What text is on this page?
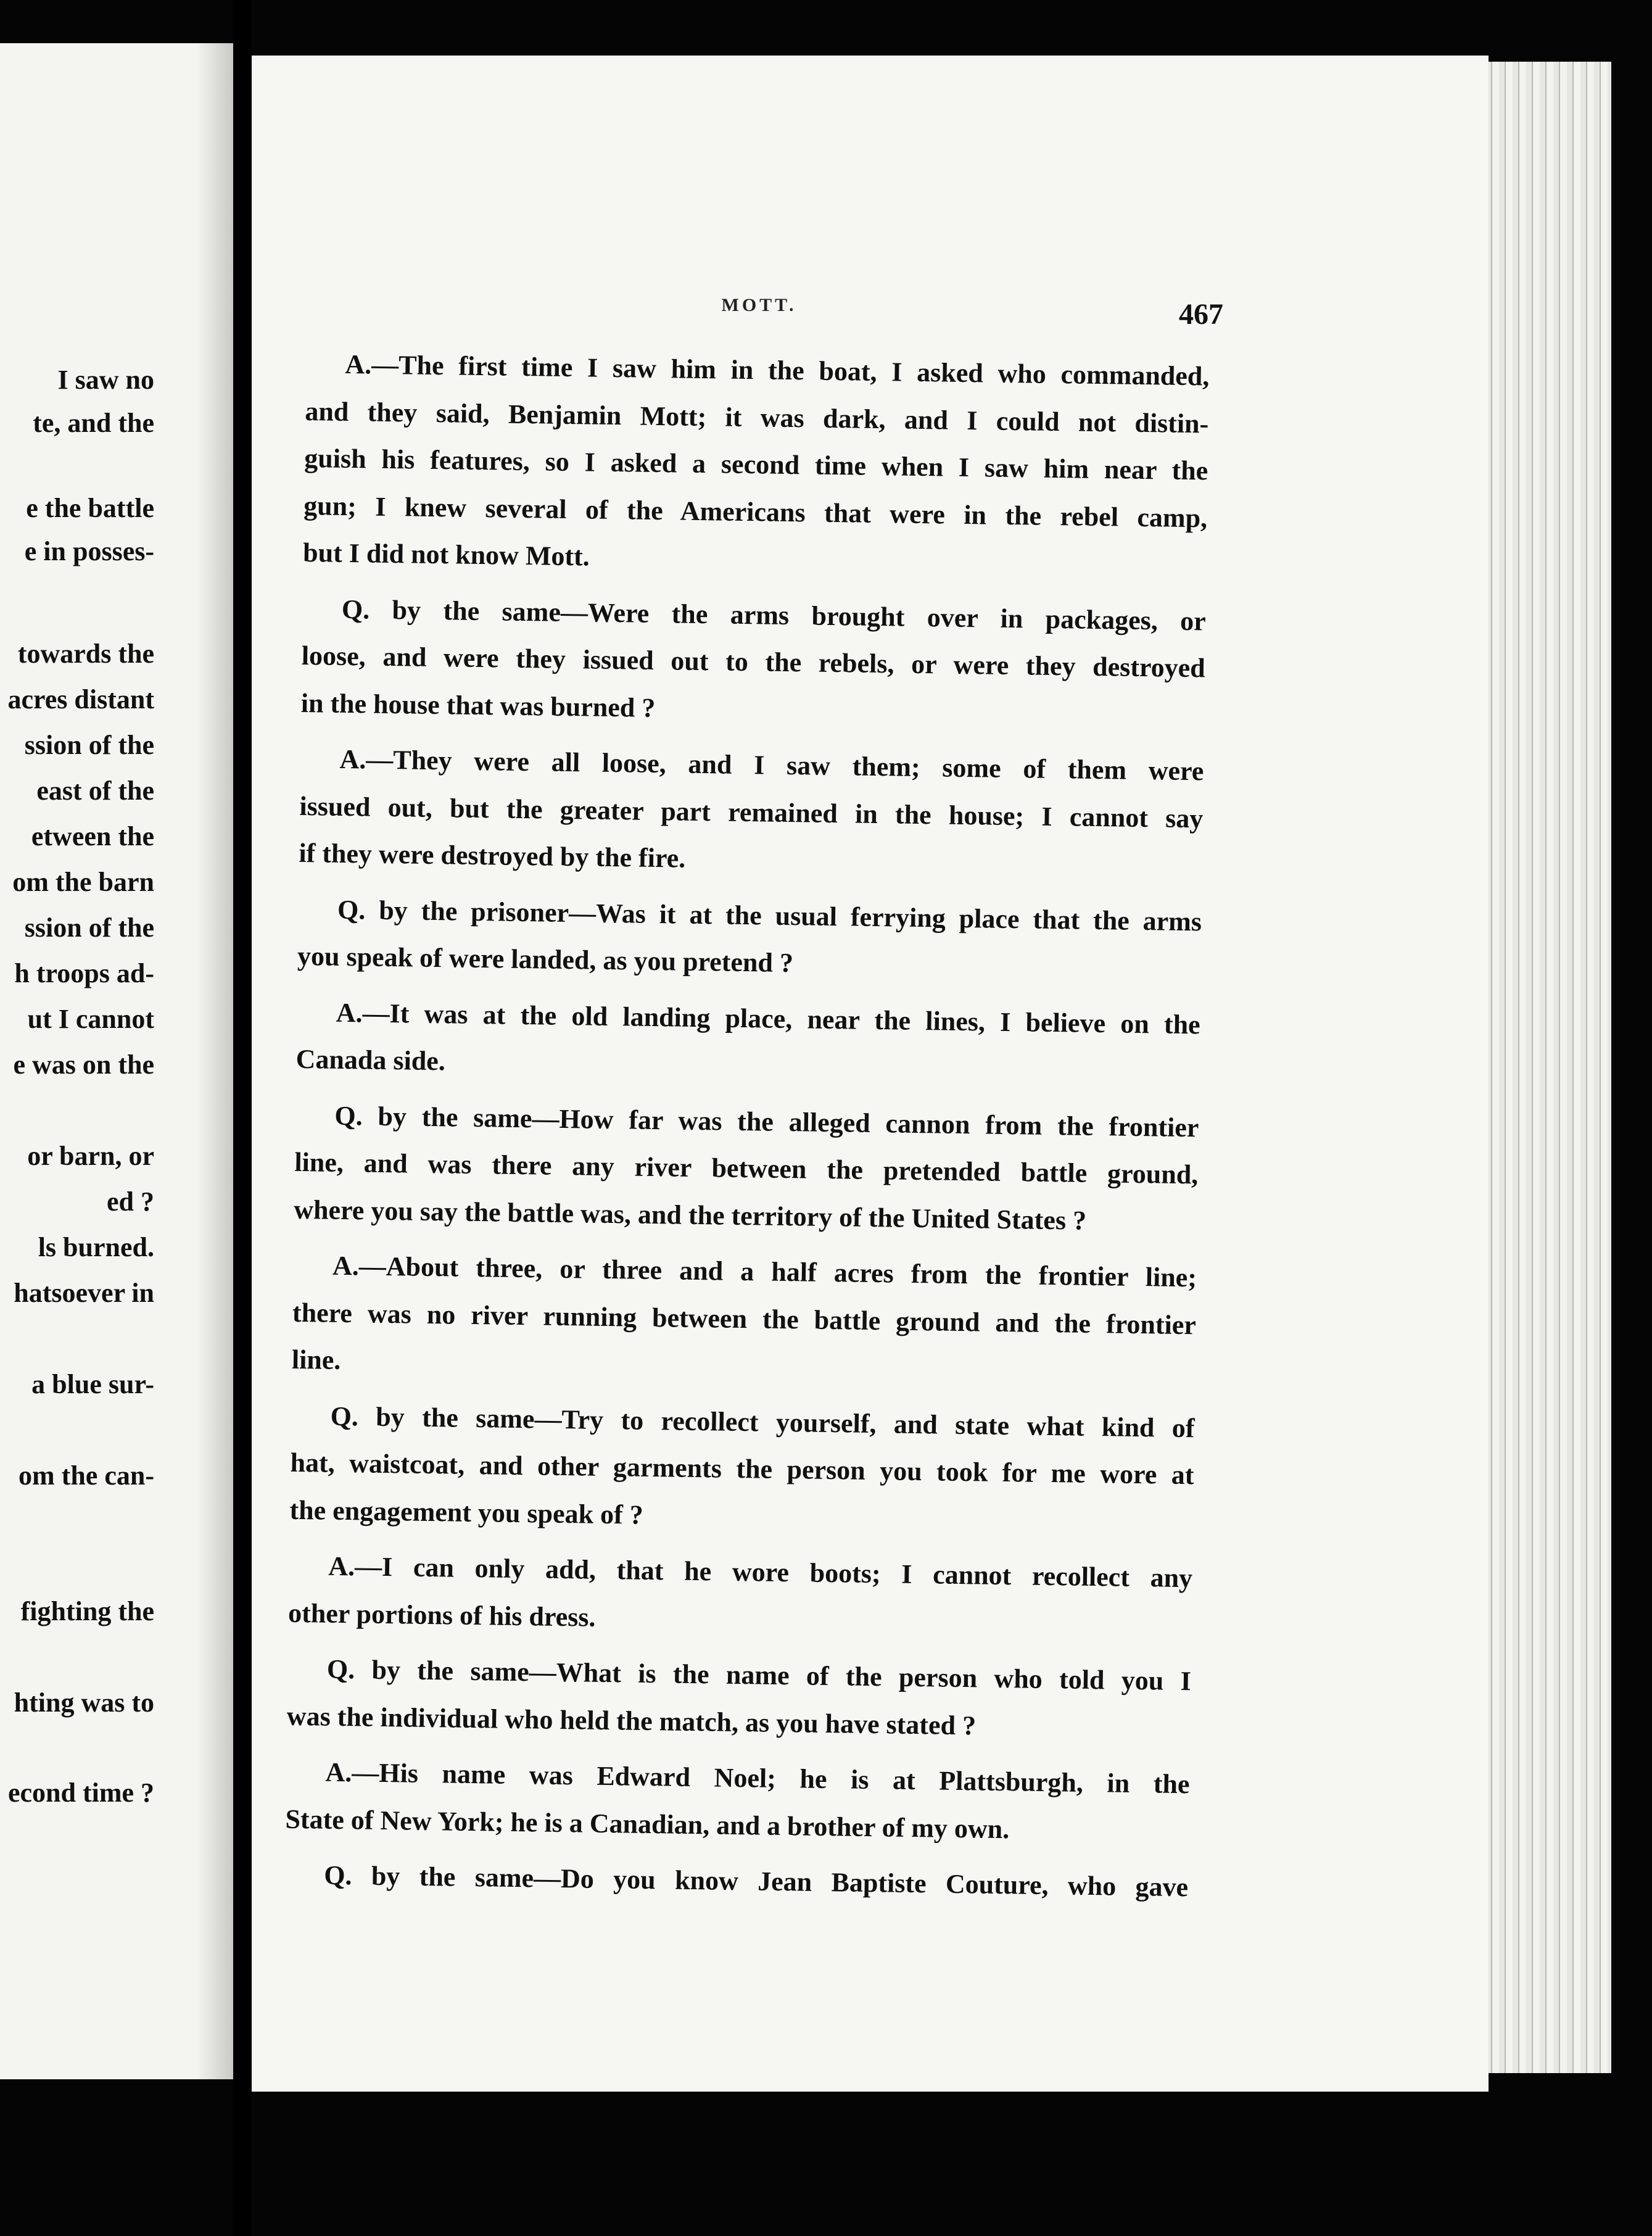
I saw no
te, and the
e the battle
e in posses-
towards the
acres distant
ssion of the
east of the
etween the
om the barn
ssion of the
h troops ad-
ut I cannot
e was on the
or barn, or
ed ?
ls burned.
hatsoever in
a blue sur-
om the can-
fighting the
hting was to
econd time ?
MOTT.	467
A.—The first time I saw him in the boat, I asked who commanded,
and they said, Benjamin Mott; it was dark, and I could not distin-
guish his features, so I asked a second time when I saw him near the
gun; I knew several of the Americans that were in the rebel camp,
but I did not know Mott.
Q. by the same—Were the arms brought over in packages, or
loose, and were they issued out to the rebels, or were they destroyed
in the house that was burned ?
A.—They were all loose, and I saw them; some of them were
issued out, but the greater part remained in the house; I cannot say
if they were destroyed by the fire.
Q. by the prisoner—Was it at the usual ferrying place that the arms
you speak of were landed, as you pretend ?
A.—It was at the old landing place, near the lines, I believe on the
Canada side.
Q. by the same—How far was the alleged cannon from the frontier
line, and was there any river between the pretended battle ground,
where you say the battle was, and the territory of the United States ?
A.—About three, or three and a half acres from the frontier line;
there was no river running between the battle ground and the frontier
line.
Q. by the same—Try to recollect yourself, and state what kind of
hat, waistcoat, and other garments the person you took for me wore at
the engagement you speak of ?
A.—I can only add, that he wore boots; I cannot recollect any
other portions of his dress.
Q. by the same—What is the name of the person who told you I
was the individual who held the match, as you have stated ?
A.—His name was Edward Noel; he is at Plattsburgh, in the
State of New York; he is a Canadian, and a brother of my own.
Q. by the same—Do you know Jean Baptiste Couture, who gave
